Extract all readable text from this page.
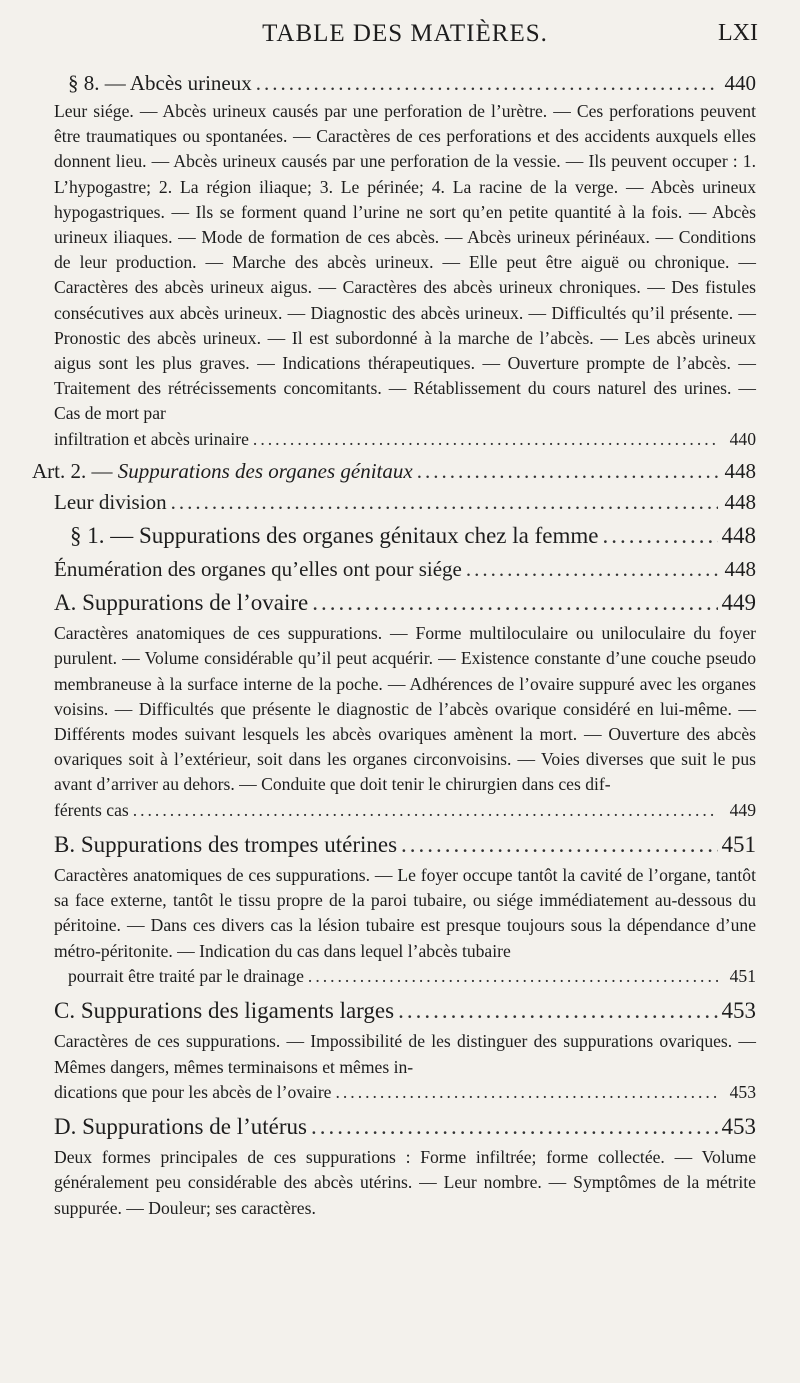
TABLE DES MATIÈRES.	LXI
§ 8. — Abcès urineux .....	440

Leur siége. — Abcès urineux causés par une perforation de l’urètre. — Ces perforations peuvent être traumatiques ou spontanées. — Caractères de ces perforations et des accidents auxquels elles donnent lieu. — Abcès urineux causés par une perforation de la vessie. — Ils peuvent occuper : 1. L’hypogastre; 2. La région iliaque; 3. Le périnée; 4. La racine de la verge. — Abcès urineux hypogastriques. — Ils se forment quand l’urine ne sort qu’en petite quantité à la fois. — Abcès urineux iliaques. — Mode de formation de ces abcès. — Abcès urineux périnéaux. — Conditions de leur production. — Marche des abcès urineux. — Elle peut être aiguë ou chronique. — Caractères des abcès urineux aigus. — Caractères des abcès urineux chroniques. — Des fistules consécutives aux abcès urineux. — Diagnostic des abcès urineux. — Difficultés qu’il présente. — Pronostic des abcès urineux. — Il est subordonné à la marche de l’abcès. — Les abcès urineux aigus sont les plus graves. — Indications thérapeutiques. — Ouverture prompte de l’abcès. — Traitement des rétrécissements concomitants. — Rétablissement du cours naturel des urines. — Cas de mort par

infiltration et abcès urinaire .....	440
Art. 2. — Suppurations des organes génitaux .....	448
Leur division .....	448
§ 1. — Suppurations des organes génitaux chez la femme .....	448
Énumération des organes qu’elles ont pour siége .....	448
A. Suppurations de l’ovaire .....	449

Caractères anatomiques de ces suppurations. — Forme multiloculaire ou uniloculaire du foyer purulent. — Volume considérable qu’il peut acquérir. — Existence constante d’une couche pseudo membraneuse à la surface interne de la poche. — Adhérences de l’ovaire suppuré avec les organes voisins. — Difficultés que présente le diagnostic de l’abcès ovarique considéré en lui-même. — Différents modes suivant lesquels les abcès ovariques amènent la mort. — Ouverture des abcès ovariques soit à l’extérieur, soit dans les organes circonvoisins. — Voies diverses que suit le pus avant d’arriver au dehors. — Conduite que doit tenir le chirurgien dans ces dif-

férents cas .....	449
B. Suppurations des trompes utérines .....	451

Caractères anatomiques de ces suppurations. — Le foyer occupe tantôt la cavité de l’organe, tantôt sa face externe, tantôt le tissu propre de la paroi tubaire, ou siége immédiatement au-dessous du péritoine. — Dans ces divers cas la lésion tubaire est presque toujours sous la dépendance d’une métro-péritonite. — Indication du cas dans lequel l’abcès tubaire

pourrait être traité par le drainage .....	451
C. Suppurations des ligaments larges .....	453

Caractères de ces suppurations. — Impossibilité de les distinguer des suppurations ovariques. — Mêmes dangers, mêmes terminaisons et mêmes in-

dications que pour les abcès de l’ovaire .....	453
D. Suppurations de l’utérus .....	453

Deux formes principales de ces suppurations : Forme infiltrée; forme collectée. — Volume généralement peu considérable des abcès utérins. — Leur nombre. — Symptômes de la métrite suppurée. — Douleur; ses caractères.
